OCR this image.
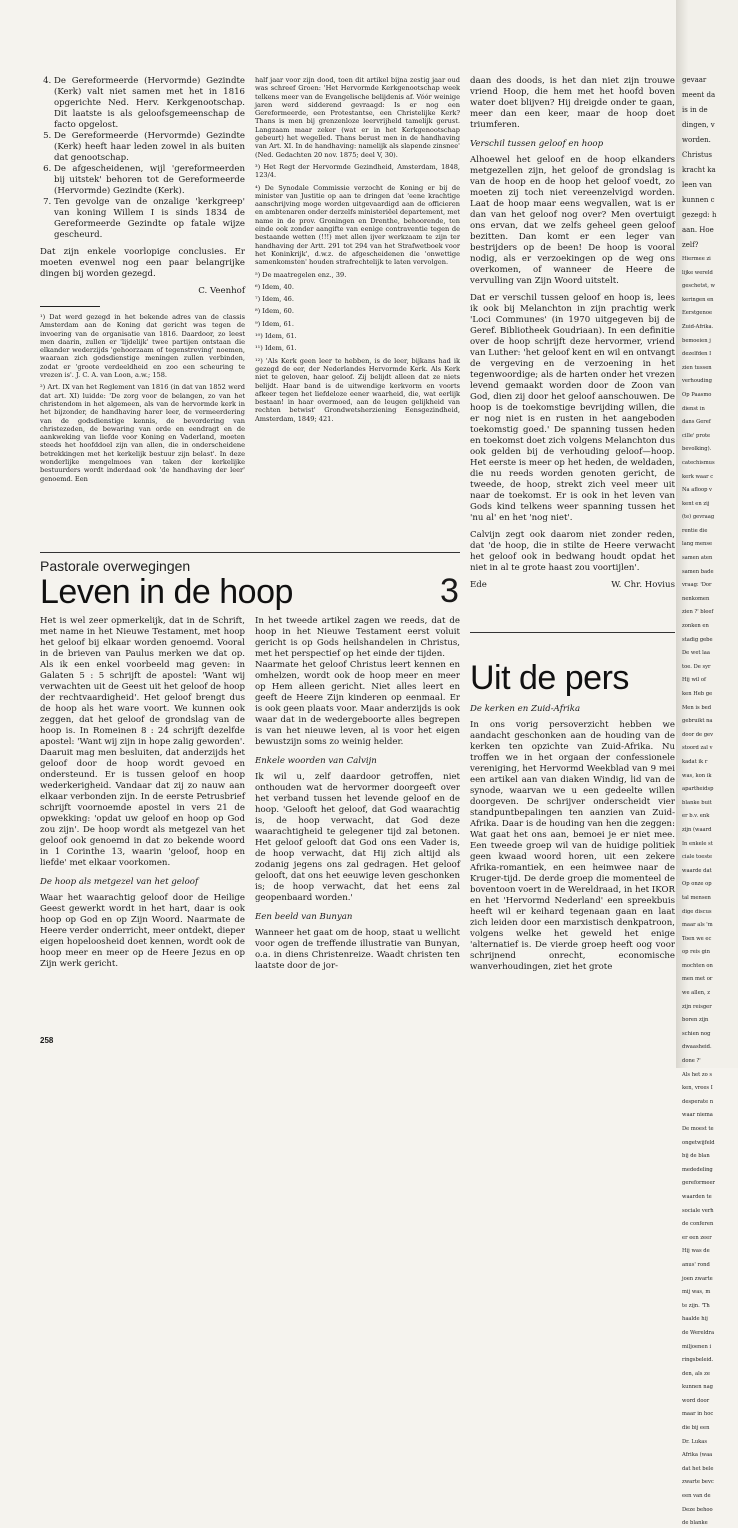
4. De Gereformeerde (Hervormde) Gezindte (Kerk) valt niet samen met het in 1816 opgerichte Ned. Herv. Kerkgenootschap. Dit laatste is als geloofsgemeenschap de facto opgelost.
5. De Gereformeerde (Hervormde) Gezindte (Kerk) heeft haar leden zowel in als buiten dat genootschap.
6. De afgescheidenen, wijl 'gereformeerden bij uitstek' behoren tot de Gereformeerde (Hervormde) Gezindte (Kerk).
7. Ten gevolge van de onzalige 'kerkgreep' van koning Willem I is sinds 1834 de Gereformeerde Gezindte op fatale wijze gescheurd.

Dat zijn enkele voorlopige conclusies. Er moeten evenwel nog een paar belangrijke dingen bij worden gezegd.

C. Veenhof

¹) Dat werd gezegd in het bekende adres van de classis Amsterdam aan de Koning dat gericht was tegen de invoering van de organisatie van 1816. Daardoor, zo leest men daarin, zullen er 'lijdelijk' twee partijen ontstaan die elkander wederzijds 'gehoorzaam of tegenstreving' noemen, waaraan zich godsdienstige meningen zullen verbinden, zodat er 'groote verdeeldheid en zoo een scheuring te vrezen is'. J. C. A. van Loon, a.w.; 158.

²) Art. IX van het Reglement van 1816 (in dat van 1852 werd dat art. XI) luidde: 'De zorg voor de belangen, zo van het christendom in het algemeen, als van de hervormde kerk in het bijzonder, de handhaving harer leer, de vermeerdering van de godsdienstige kennis, de bevordering van christezeden, de bewaring van orde en eendragt en de aankweking van liefde voor Koning en Vaderland, moeten steeds het hoofddoel zijn van allen, die in onderscheidene betrekkingen met het kerkelijk bestuur zijn belast'. In deze wonderlijke mengelmoes van taken der kerkelijke bestuurders wordt inderdaad ook 'de handhaving der leer' genoemd. Een

half jaar voor zijn dood, toen dit artikel bijna zestig jaar oud was schreef Groen: 'Het Hervormde Kerkgenootschap week telkens meer van de Evangelische belijdenis af. Vóór weinige jaren werd sidderend gevraagd: Is er nog een Gereformeerde, een Protestantse, een Christelijke Kerk? Thans is men bij grenzenloze leervrijheld tamelijk gerust. Langzaam maar zeker (wat er in het Kerkgenootschap gebeurt) het wegelled. Thans berust men in de handhaving van Art. XI. In de handhaving: namelijk als slapende zinsnee' (Ned. Gedachten 20 nov. 1875; deel V, 30).

³) Het Regt der Hervormde Gezindheid, Amsterdam, 1848, 123/4.

⁴) De Synodale Commissie verzocht de Koning er bij de minister van Justitie op aan te dringen dat 'eene krachtige aanschrijving moge worden uitgevaardigd aan de officieren en ambtenaren onder derzelfs ministeriëel departement, met name in de prov. Groningen en Drenthe, behoorende, ten einde ook zonder aangifte van eenige contraventie tegen de bestaande wetten (!!!) met allen ijver werkzaam te zijn ter handhaving der Artt. 291 tot 294 van het Strafwetboek voor het Koninkrijk', d.w.z. de afgescheidenen die 'onwettige samenkomsten' houden strafrechtelijk te laten vervolgen.

⁵) De maatregelen enz., 39.

⁶) Idem, 40.

⁷) Idem, 46.

⁸) Idem, 60.

⁹) Idem, 61.

¹⁰) Idem, 61.

¹¹) Idem, 61.

¹²) 'Als Kerk geen leer te hebben, is de leer, bijkans had ik gezegd de eer, der Nederlandes Hervormde Kerk. Als Kerk niet te geloven, haar geloof. Zij belijdt alleen dat ze niets belijdt. Haar band is de uitwendige kerkvorm en voorts afkeer tegen het liefdeloze eener waarheid, die, wat eerlijk bestaan! in haar overmoed, aan de leugen gelijkheid van rechten betwist' Grondwetsherziening Eensgezindheid, Amsterdam, 1849; 421.

daan des doods, is het dan niet zijn trouwe vriend Hoop, die hem met het hoofd boven water doet blijven? Hij dreigde onder te gaan, meer dan een keer, maar de hoop doet triumferen.

Verschil tussen geloof en hoop

Alhoewel het geloof en de hoop elkanders metgezellen zijn, het geloof de grondslag is van de hoop en de hoop het geloof voedt, zo moeten zij toch niet vereenzelvigd worden. Laat de hoop maar eens wegvallen, wat is er dan van het geloof nog over? Men overtuigt ons ervan, dat we zelfs geheel geen geloof bezitten. Dan komt er een leger van bestrijders op de been! De hoop is vooral nodig, als er verzoekingen op de weg ons overkomen, of wanneer de Heere de vervulling van Zijn Woord uitstelt.

Dat er verschil tussen geloof en hoop is, lees ik ook bij Melanchton in zijn prachtig werk 'Loci Communes' (in 1970 uitgegeven bij de Geref. Bibliotheek Goudriaan). In een definitie over de hoop schrijft deze hervormer, vriend van Luther: 'het geloof kent en wil en ontvangt de vergeving en de verzoening in het tegenwoordige; als de harten onder het vrezen levend gemaakt worden door de Zoon van God, dien zij door het geloof aanschouwen. De hoop is de toekomstige bevrijding willen, die er nog niet is en rusten in het aangeboden toekomstig goed.' De spanning tussen heden en toekomst doet zich volgens Melanchton dus ook gelden bij de verhouding geloof—hoop. Het eerste is meer op het heden, de weldaden, die nu reeds worden genoten gericht, de tweede, de hoop, strekt zich veel meer uit naar de toekomst. Er is ook in het leven van Gods kind telkens weer spanning tussen het 'nu al' en het 'nog niet'.

Calvijn zegt ook daarom niet zonder reden, dat 'de hoop, die in stilte de Heere verwacht het geloof ook in bedwang houdt opdat het niet in al te grote haast zou voortijlen'.

Ede	W. Chr. Hovius
Pastorale overwegingen
Leven in de hoop	3

Het is wel zeer opmerkelijk, dat in de Schrift, met name in het Nieuwe Testament, met hoop het geloof bij elkaar worden genoemd. Vooral in de brieven van Paulus merken we dat op. Als ik een enkel voorbeeld mag geven: in Galaten 5 : 5 schrijft de apostel: 'Want wij verwachten uit de Geest uit het geloof de hoop der rechtvaardigheid'. Het geloof brengt dus de hoop als het ware voort. We kunnen ook zeggen, dat het geloof de grondslag van de hoop is. In Romeinen 8 : 24 schrijft dezelfde apostel: 'Want wij zijn in hope zalig geworden'. Daaruit mag men besluiten, dat anderzijds het geloof door de hoop wordt gevoed en ondersteund. Er is tussen geloof en hoop wederkerigheid. Vandaar dat zij zo nauw aan elkaar verbonden zijn. In de eerste Petrusbrief schrijft voornoemde apostel in vers 21 de opwekking: 'opdat uw geloof en hoop op God zou zijn'. De hoop wordt als metgezel van het geloof ook genoemd in dat zo bekende woord in 1 Corinthe 13, waarin 'geloof, hoop en liefde' met elkaar voorkomen.

De hoop als metgezel van het geloof

Waar het waarachtig geloof door de Heilige Geest gewerkt wordt in het hart, daar is ook hoop op God en op Zijn Woord. Naarmate de Heere verder onderricht, meer ontdekt, dieper eigen hopeloosheid doet kennen, wordt ook de hoop meer en meer op de Heere Jezus en op Zijn werk gericht.

In het tweede artikel zagen we reeds, dat de hoop in het Nieuwe Testament eerst voluit gericht is op Gods heilshandelen in Christus, met het perspectief op het einde der tijden.
Naarmate het geloof Christus leert kennen en omhelzen, wordt ook de hoop meer en meer op Hem alleen gericht. Niet alles leert en geeft de Heere Zijn kinderen op eenmaal. Er is ook geen plaats voor. Maar anderzijds is ook waar dat in de wedergeboorte alles begrepen is van het nieuwe leven, al is voor het eigen bewustzijn soms zo weinig helder.

Enkele woorden van Calvijn

Ik wil u, zelf daardoor getroffen, niet onthouden wat de hervormer doorgeeft over het verband tussen het levende geloof en de hoop. 'Gelooft het geloof, dat God waarachtig is, de hoop verwacht, dat God deze waarachtigheid te gelegener tijd zal betonen. Het geloof gelooft dat God ons een Vader is, de hoop verwacht, dat Hij zich altijd als zodanig jegens ons zal gedragen. Het geloof gelooft, dat ons het eeuwige leven geschonken is; de hoop verwacht, dat het eens zal geopenbaard worden.'

Een beeld van Bunyan

Wanneer het gaat om de hoop, staat u wellicht voor ogen de treffende illustratie van Bunyan, o.a. in diens Christenreize. Waadt christen ten laatste door de jor-

Uit de pers
De kerken en Zuid-Afrika

In ons vorig persoverzicht hebben we aandacht geschonken aan de houding van de kerken ten opzichte van Zuid-Afrika. Nu troffen we in het orgaan der confessionele vereniging, het Hervormd Weekblad van 9 mei een artikel aan van diaken Windig, lid van de synode, waarvan we u een gedeelte willen doorgeven. De schrijver onderscheidt vier standpuntbepalingen ten aanzien van Zuid-Afrika. Daar is de houding van hen die zeggen: Wat gaat het ons aan, bemoei je er niet mee. Een tweede groep wil van de huidige politiek geen kwaad woord horen, uit een zekere Afrika-romantiek, en een heimwee naar de Kruger-tijd. De derde groep die momenteel de boventoon voert in de Wereldraad, in het IKOR en het 'Hervormd Nederland' een spreekbuis heeft wil er keihard tegenaan gaan en laat zich leiden door een marxistisch denkpatroon, volgens welke het geweld het enige 'alternatief is. De vierde groep heeft oog voor schrijnend onrecht, economische wanverhoudingen, ziet het grote

258

gevaar

meent da

is in de

dingen, v

worden.

Christus

kracht ka

leen van

kunnen c

gezegd: h

aan. Hoe

zelf?

Hiermee zi

lijke wereld

geschetst, w

keringen en

Eerstgenoe

Zuid-Afrika.

bemoeien j

dezelfden I

zien tussen

verhouding

Op Paasmo

dienst in

dans Geref

cille' prote

bevolking).

catechismus

kerk waar c

Na afloop v

kent en zij

(te) gevraag

rentie die

lang mense

samen aten

samen bade

vraag: 'Dor

nenkomen

zien ?' bleef

zonken en

stadig gebe

De wet laa

toe. De syr

Hij wil of

ken Heb ge

Men is bed

gebruikt na

door de gev

stoord zal v

kadat ik r

was, kon ik

apartheidsp

blanke buit

er b.v. enk

zijn (waard

In enkele st

ciale toeste

waarde dat

Op onze op

tal mensen

dige discus

maar als 'm

Toen we ec

op reis gin

mochten on

men met or

we allen, z

zijn reisger

boren zijn

schien nog

dwaasheid.

done ?'

Als het zo s

ken, vrees I

desperate n

waar niema

De moest te

ongetwijfeld

bij de blan

mededeling

gereformeer

waarden te

sociale verh

de conferen

er een zeer

Hij was de

anus' rond

joen zwarte

mij was, m

te zijn. 'Th

haalde hij

de Wereldra

miljoenen i

ringsbeleid.

den, als ze

kunnen nag

word door

maar in hoc

die bij een

Dr. Lukas

Afrika (waa

dat het bele

zwarte bevc

een van de

Deze behoo

de blanke
